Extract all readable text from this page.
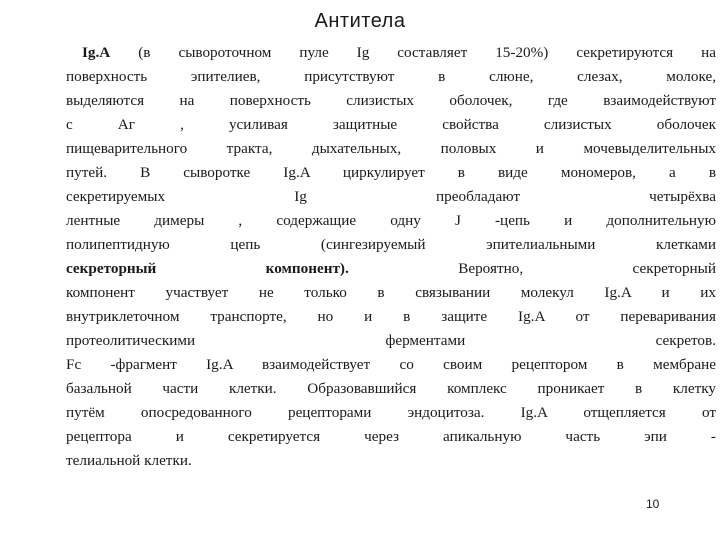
Антитела
Ig.A (в сывороточном пуле Ig составляет 15-20%) секретируются на
поверхность эпителиев, присутствуют в слюне, слезах, молоке,
выделяются на поверхность слизистых оболочек, где взаимодействуют
с Аг , усиливая защитные свойства слизистых оболочек
пищеварительного тракта, дыхательных, половых и мочевыделительных
путей. В сыворотке Ig.A циркулирует в виде мономеров, а в
секретируемых Ig преобладают четырёхва
лентные димеры , содержащие одну J -цепь и дополнительную
полипептидную цепь (сингезируемый эпителиальными клетками
секреторный компонент). Вероятно, секреторный
компонент участвует не только в связывании молекул Ig.A и их
внутриклеточном транспорте, но и в защите Ig.A от переваривания
протеолитическими ферментами секретов.
Fc -фрагмент Ig.A взаимодействует со своим рецептором в мембране
базальной части клетки. Образовавшийся комплекс проникает в клетку
путём опосредованного рецепторами эндоцитоза. Ig.A отщепляется от
рецептора и секретируется через апикальную часть эпи -
телиальной клетки.
10
